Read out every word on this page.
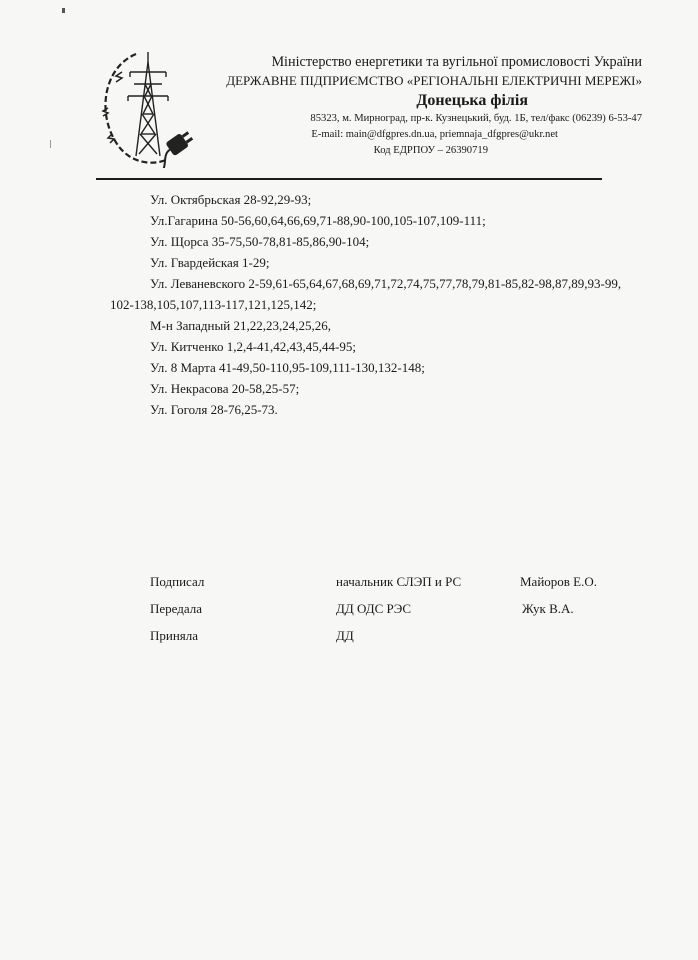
Міністерство енергетики та вугільної промисловості України
ДЕРЖАВНЕ ПІДПРИЄМСТВО «РЕГІОНАЛЬНІ ЕЛЕКТРИЧНІ МЕРЕЖІ»
Донецька філія
85323, м. Мирноград, пр-к. Кузнецький, буд. 1Б, тел/факс (06239) 6-53-47
E-mail: main@dfgpres.dn.ua, priemnaja_dfgpres@ukr.net
Код ЕДРПОУ – 26390719
Ул. Октябрьская 28-92,29-93;
Ул.Гагарина 50-56,60,64,66,69,71-88,90-100,105-107,109-111;
Ул. Щорса 35-75,50-78,81-85,86,90-104;
Ул. Гвардейская 1-29;
Ул. Леваневского 2-59,61-65,64,67,68,69,71,72,74,75,77,78,79,81-85,82-98,87,89,93-99,
102-138,105,107,113-117,121,125,142;
М-н Западный 21,22,23,24,25,26,
Ул. Китченко 1,2,4-41,42,43,45,44-95;
Ул. 8 Марта 41-49,50-110,95-109,111-130,132-148;
Ул. Некрасова 20-58,25-57;
Ул. Гоголя 28-76,25-73.
Подписал	начальник СЛЭП и РС	Майоров Е.О.
Передала	ДД ОДС РЭС	Жук В.А.
Приняла	ДД
